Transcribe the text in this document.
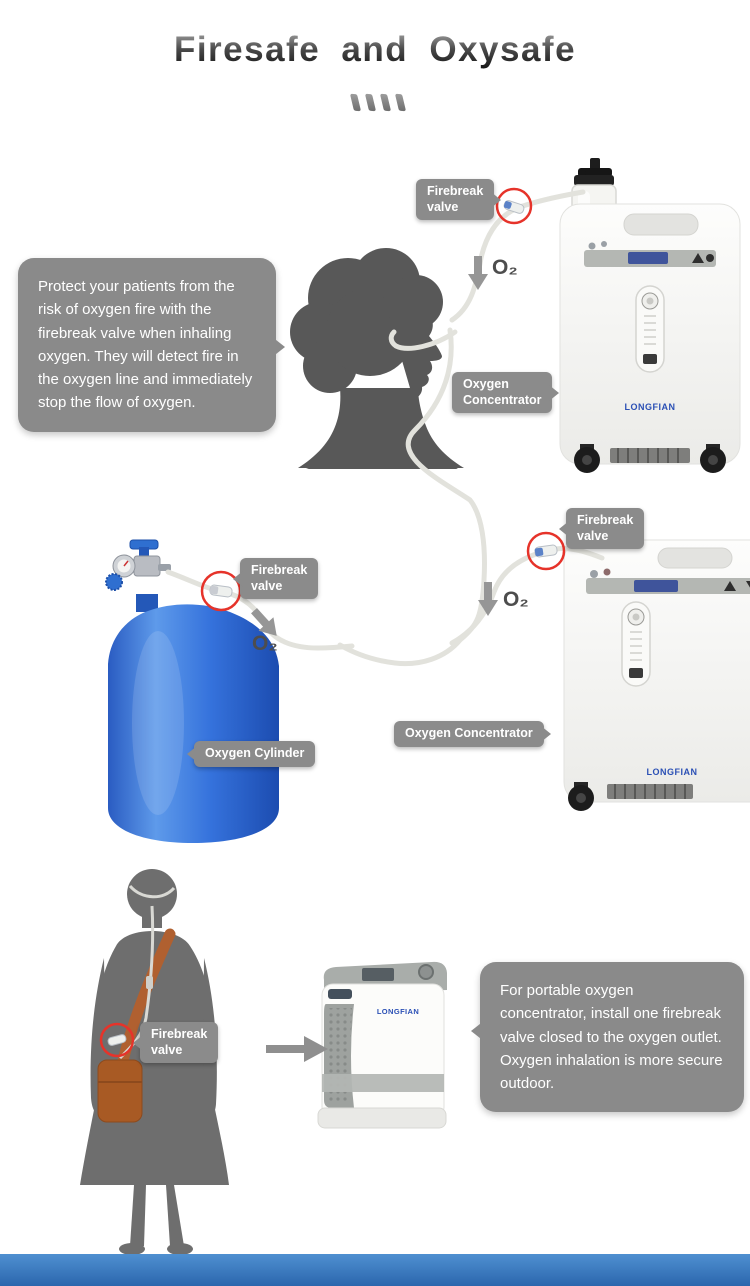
Firesafe and Oxysafe
LONGFIAN
LONGFIAN
LONGFIAN
Firebreak
valve
O₂
Protect your patients from the risk of oxygen fire with the firebreak valve when inhaling oxygen. They will detect fire in the oxygen line and immediately stop the flow of oxygen.
Oxygen
Concentrator
Firebreak
valve
O₂
Firebreak
valve
O₂
Oxygen Cylinder
Oxygen Concentrator
Firebreak
valve
For portable oxygen concentrator, install one firebreak valve closed to the oxygen outlet. Oxygen inhalation is more secure outdoor.
